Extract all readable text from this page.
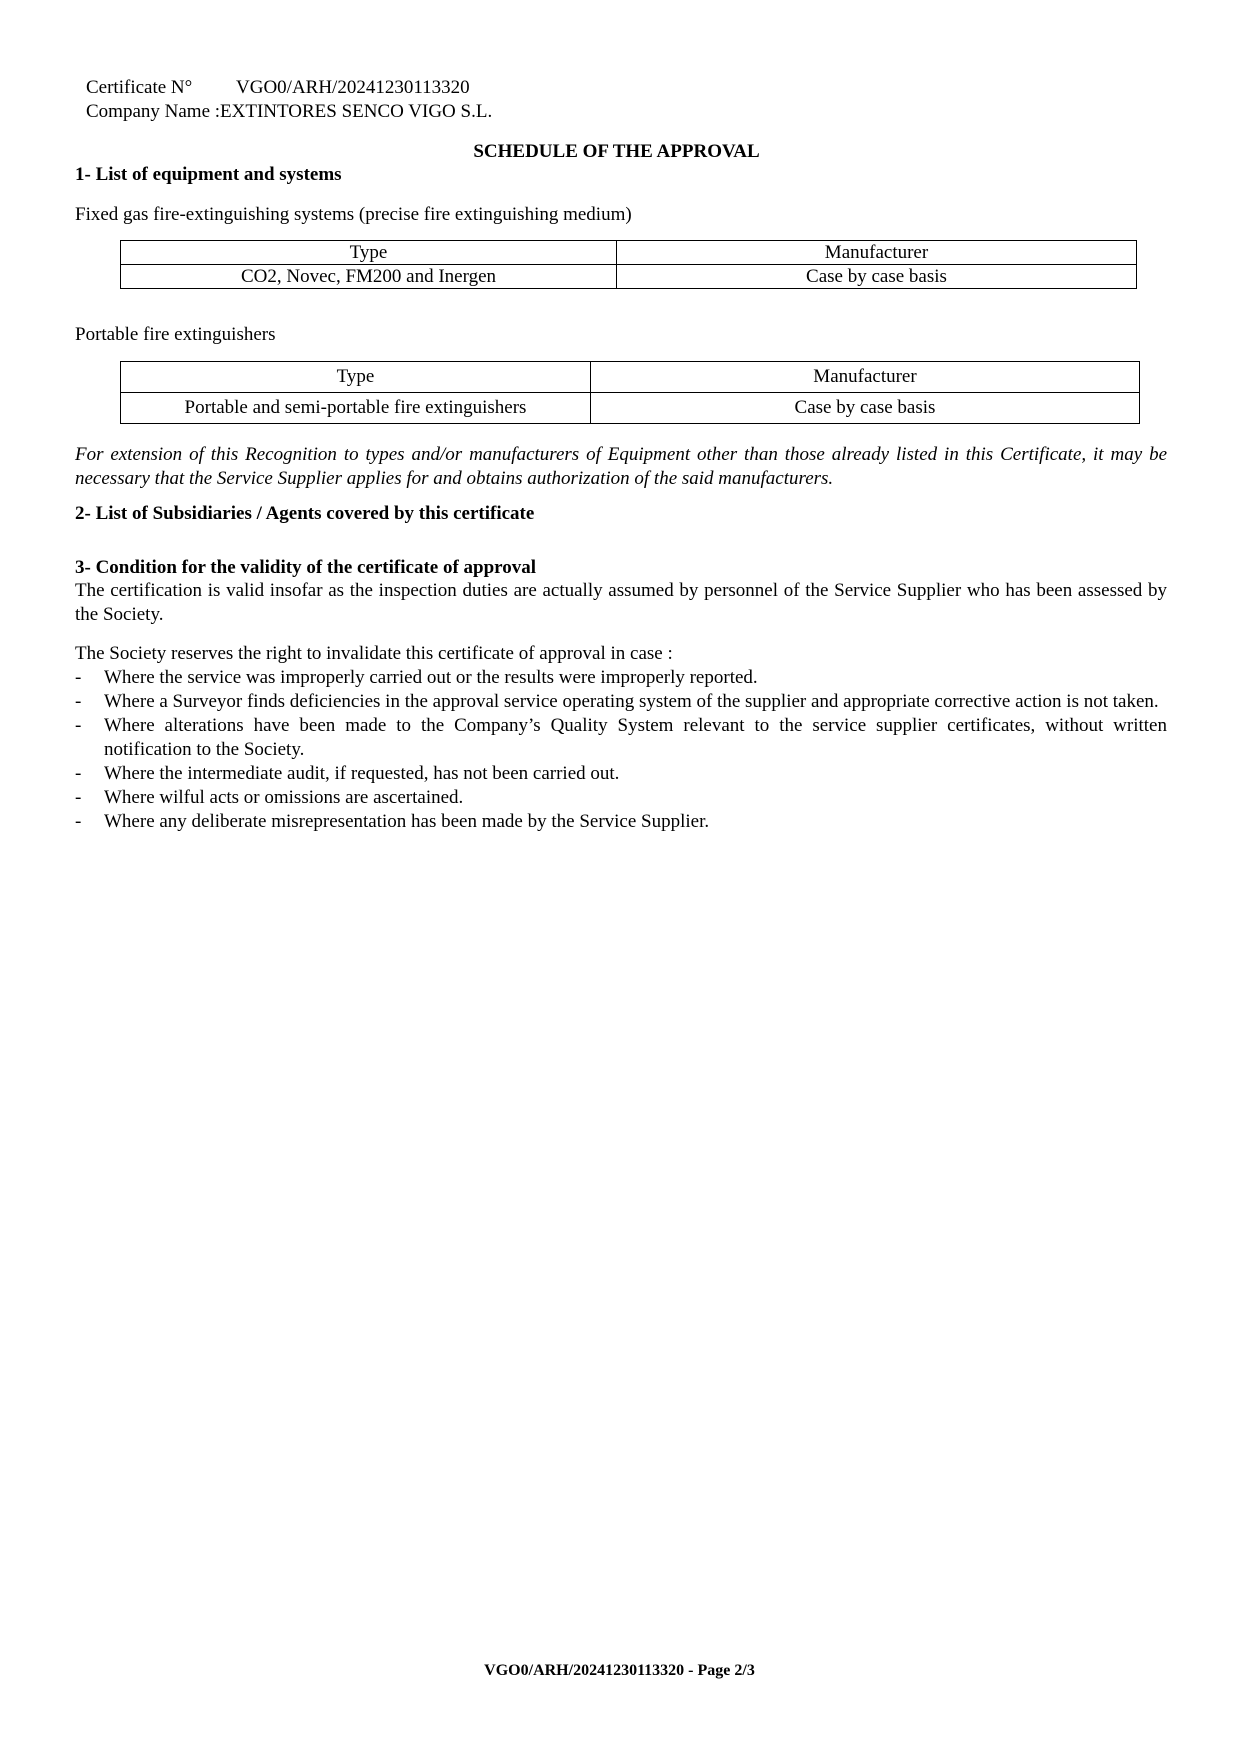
Certificate N° VGO0/ARH/20241230113320
Company Name :EXTINTORES SENCO VIGO S.L.
SCHEDULE OF THE APPROVAL
1- List of equipment and systems
Fixed gas fire-extinguishing systems (precise fire extinguishing medium)
Type	Manufacturer
CO2, Novec, FM200 and Inergen	Case by case basis
Portable fire extinguishers
Type	Manufacturer
Portable and semi-portable fire extinguishers	Case by case basis
For extension of this Recognition to types and/or manufacturers of Equipment other than those already listed in this Certificate, it may be necessary that the Service Supplier applies for and obtains authorization of the said manufacturers.
2- List of Subsidiaries / Agents covered by this certificate
3- Condition for the validity of the certificate of approval
The certification is valid insofar as the inspection duties are actually assumed by personnel of the Service Supplier who has been assessed by the Society.
The Society reserves the right to invalidate this certificate of approval in case :
- Where the service was improperly carried out or the results were improperly reported.
- Where a Surveyor finds deficiencies in the approval service operating system of the supplier and appropriate corrective action is not taken.
- Where alterations have been made to the Company’s Quality System relevant to the service supplier certificates, without written notification to the Society.
- Where the intermediate audit, if requested, has not been carried out.
- Where wilful acts or omissions are ascertained.
- Where any deliberate misrepresentation has been made by the Service Supplier.
VGO0/ARH/20241230113320 - Page 2/3
